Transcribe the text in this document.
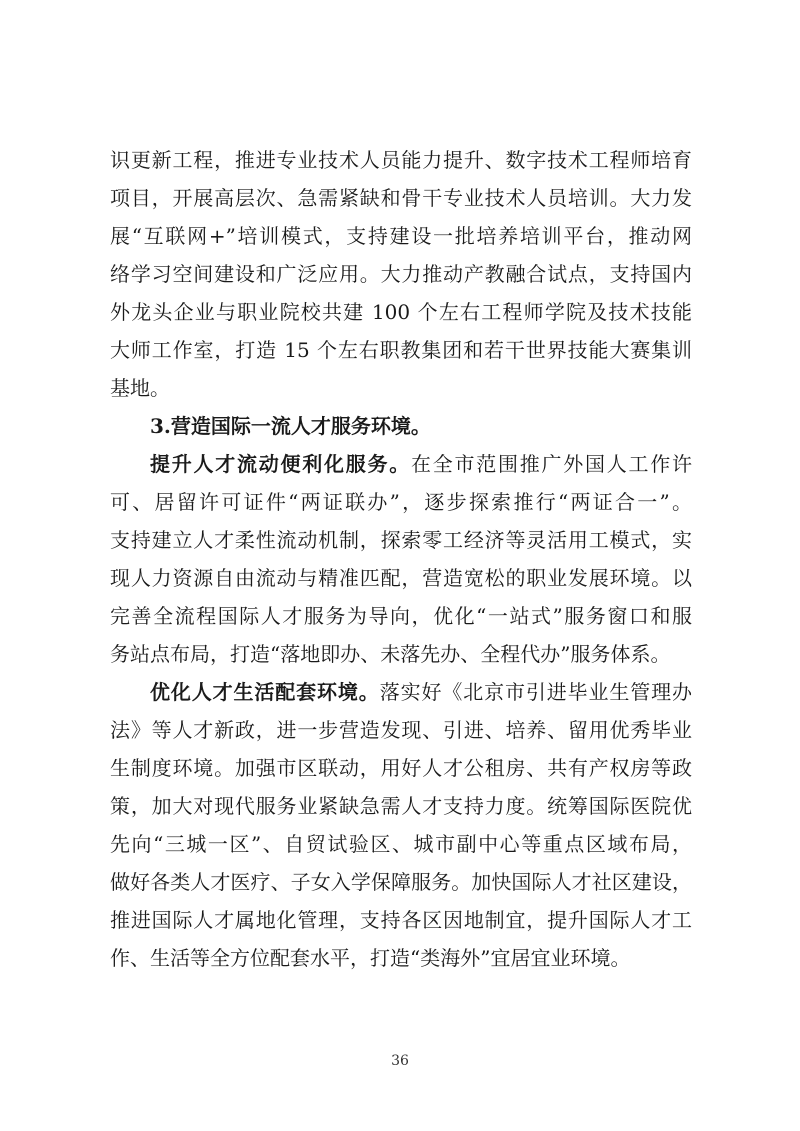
识更新工程，推进专业技术人员能力提升、数字技术工程师培育
项目，开展高层次、急需紧缺和骨干专业技术人员培训。大力发
展“互联网+”培训模式，支持建设一批培养培训平台，推动网
络学习空间建设和广泛应用。大力推动产教融合试点，支持国内
外龙头企业与职业院校共建 100 个左右工程师学院及技术技能
大师工作室，打造 15 个左右职教集团和若干世界技能大赛集训
基地。
3.营造国际一流人才服务环境。
提升人才流动便利化服务。在全市范围推广外国人工作许
可、居留许可证件“两证联办”，逐步探索推行“两证合一”。
支持建立人才柔性流动机制，探索零工经济等灵活用工模式，实
现人力资源自由流动与精准匹配，营造宽松的职业发展环境。以
完善全流程国际人才服务为导向，优化“一站式”服务窗口和服
务站点布局，打造“落地即办、未落先办、全程代办”服务体系。
优化人才生活配套环境。落实好《北京市引进毕业生管理办
法》等人才新政，进一步营造发现、引进、培养、留用优秀毕业
生制度环境。加强市区联动，用好人才公租房、共有产权房等政
策，加大对现代服务业紧缺急需人才支持力度。统筹国际医院优
先向“三城一区”、自贸试验区、城市副中心等重点区域布局，
做好各类人才医疗、子女入学保障服务。加快国际人才社区建设，
推进国际人才属地化管理，支持各区因地制宜，提升国际人才工
作、生活等全方位配套水平，打造“类海外”宜居宜业环境。
36
